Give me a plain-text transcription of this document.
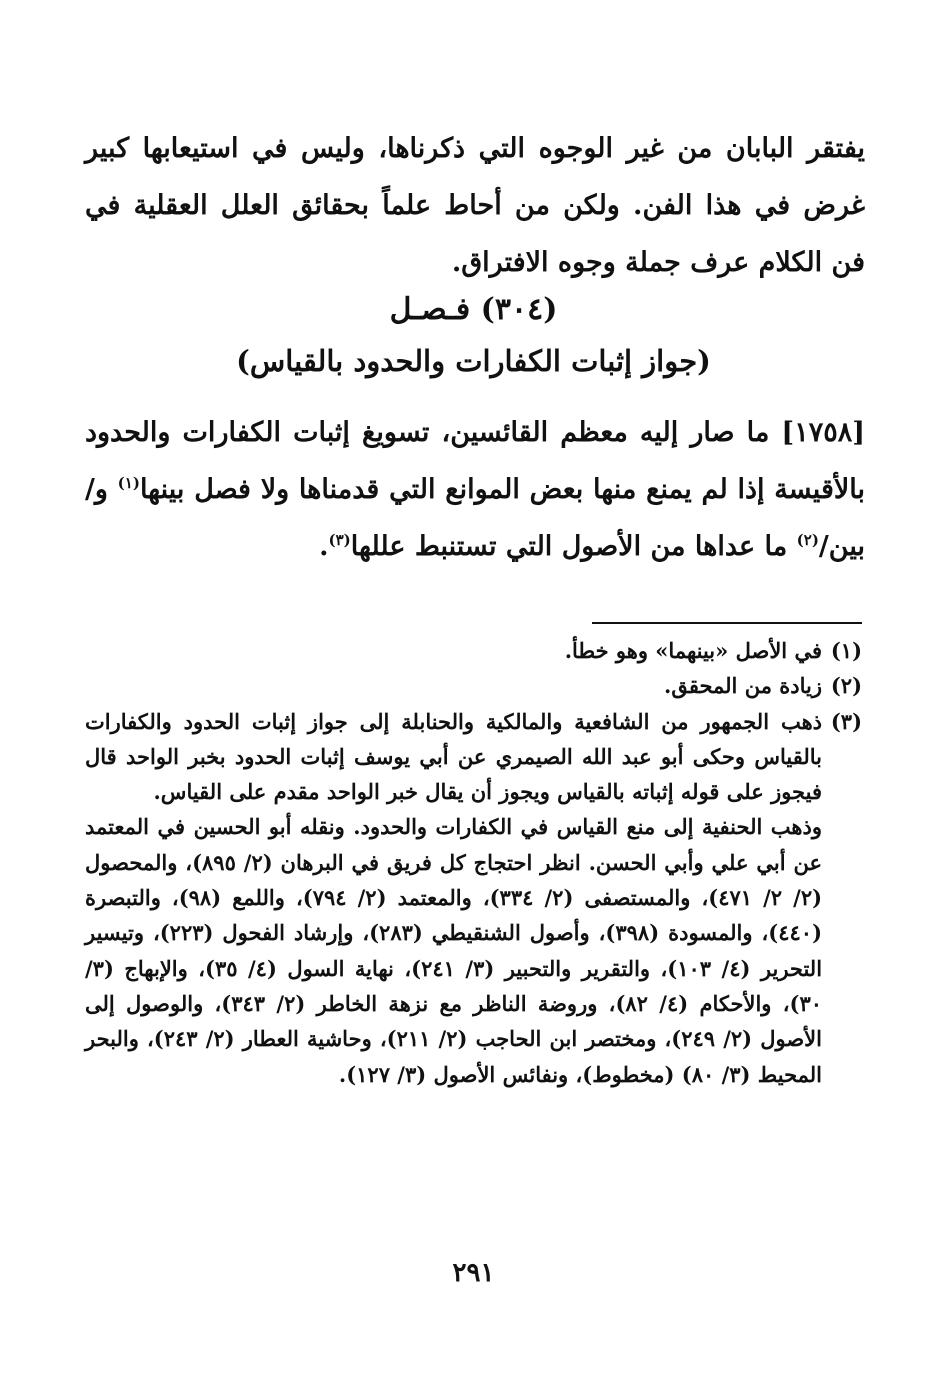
يفتقر البابان من غير الوجوه التي ذكرناها، وليس في استيعابها كبير غرض في هذا الفن. ولكن من أحاط علماً بحقائق العلل العقلية في فن الكلام عرف جملة وجوه الافتراق.

(٣٠٤) فـصـل
(جواز إثبات الكفارات والحدود بالقياس)

[١٧٥٨] ما صار إليه معظم القائسين، تسويغ إثبات الكفارات والحدود بالأقيسة إذا لم يمنع منها بعض الموانع التي قدمناها ولا فصل بينها$^{(١)}$ و/ بين/$^{(٢)}$ ما عداها من الأصول التي تستنبط عللها$^{(٣)}$.

(١)

في الأصل «بينهما» وهو خطأ.

(٢)

زيادة من المحقق.

(٣)

ذهب الجمهور من الشافعية والمالكية والحنابلة إلى جواز إثبات الحدود والكفارات بالقياس وحكى أبو عبد الله الصيمري عن أبي يوسف إثبات الحدود بخبر الواحد قال فيجوز على قوله إثباته بالقياس ويجوز أن يقال خبر الواحد مقدم على القياس.

وذهب الحنفية إلى منع القياس في الكفارات والحدود. ونقله أبو الحسين في المعتمد عن أبي علي وأبي الحسن. انظر احتجاج كل فريق في البرهان (٢/ ٨٩٥)، والمحصول (٢/ ٢/ ٤٧١)، والمستصفى (٢/ ٣٣٤)، والمعتمد (٢/ ٧٩٤)، واللمع (٩٨)، والتبصرة (٤٤٠)، والمسودة (٣٩٨)، وأصول الشنقيطي (٢٨٣)، وإرشاد الفحول (٢٢٣)، وتيسير التحرير (٤/ ١٠٣)، والتقرير والتحبير (٣/ ٢٤١)، نهاية السول (٤/ ٣٥)، والإبهاج (٣/ ٣٠)، والأحكام (٤/ ٨٢)، وروضة الناظر مع نزهة الخاطر (٢/ ٣٤٣)، والوصول إلى الأصول (٢/ ٢٤٩)، ومختصر ابن الحاجب (٢/ ٢١١)، وحاشية العطار (٢/ ٢٤٣)، والبحر المحيط (٣/ ٨٠) (مخطوط)، ونفائس الأصول (٣/ ١٢٧).

٢٩١
